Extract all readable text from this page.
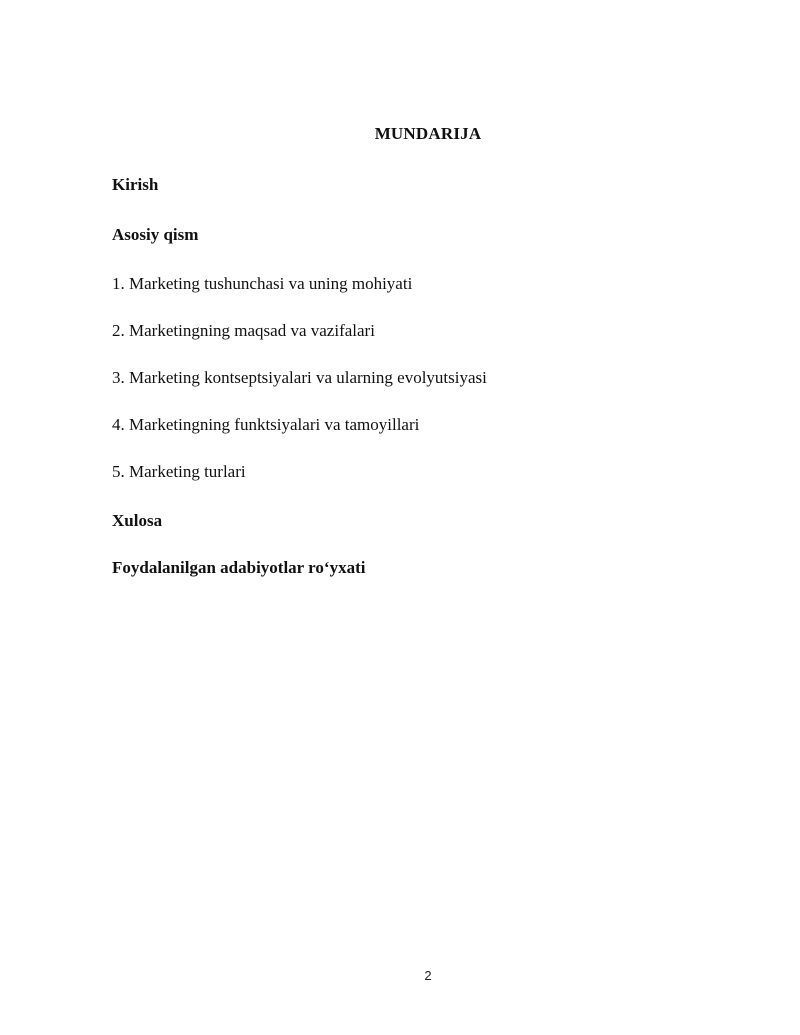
MUNDARIJA
Kirish
Asosiy qism
1. Marketing tushunchasi va uning mohiyati
2. Marketingning maqsad va vazifalari
3. Marketing kontseptsiyalari va ularning evolyutsiyasi
4. Marketingning funktsiyalari va tamoyillari
5. Marketing turlari
Xulosa
Foydalanilgan adabiyotlar ro‘yxati
2
